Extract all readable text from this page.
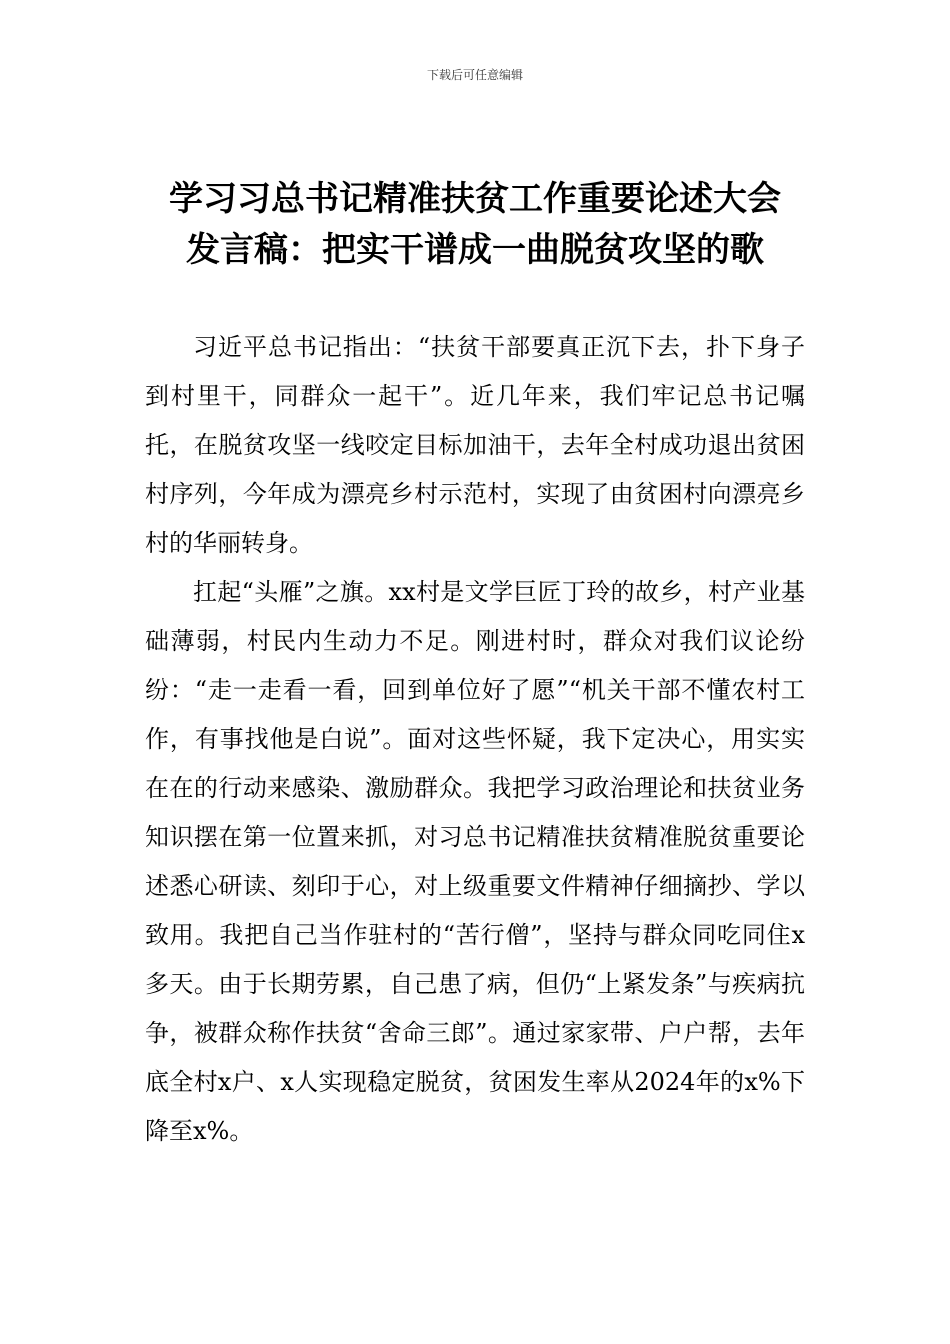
下载后可任意编辑
学习习总书记精准扶贫工作重要论述大会
发言稿：把实干谱成一曲脱贫攻坚的歌

习近平总书记指出：“扶贫干部要真正沉下去，扑下身子到村里干，同群众一起干”。近几年来，我们牢记总书记嘱托，在脱贫攻坚一线咬定目标加油干，去年全村成功退出贫困村序列，今年成为漂亮乡村示范村，实现了由贫困村向漂亮乡村的华丽转身。

扛起“头雁”之旗。xx村是文学巨匠丁玲的故乡，村产业基础薄弱，村民内生动力不足。刚进村时，群众对我们议论纷纷：“走一走看一看，回到单位好了愿”“机关干部不懂农村工作，有事找他是白说”。面对这些怀疑，我下定决心，用实实在在的行动来感染、激励群众。我把学习政治理论和扶贫业务知识摆在第一位置来抓，对习总书记精准扶贫精准脱贫重要论述悉心研读、刻印于心，对上级重要文件精神仔细摘抄、学以致用。我把自己当作驻村的“苦行僧”，坚持与群众同吃同住x多天。由于长期劳累，自己患了病，但仍“上紧发条”与疾病抗争，被群众称作扶贫“舍命三郎”。通过家家带、户户帮，去年底全村x户、x人实现稳定脱贫，贫困发生率从2024年的x%下降至x%。
